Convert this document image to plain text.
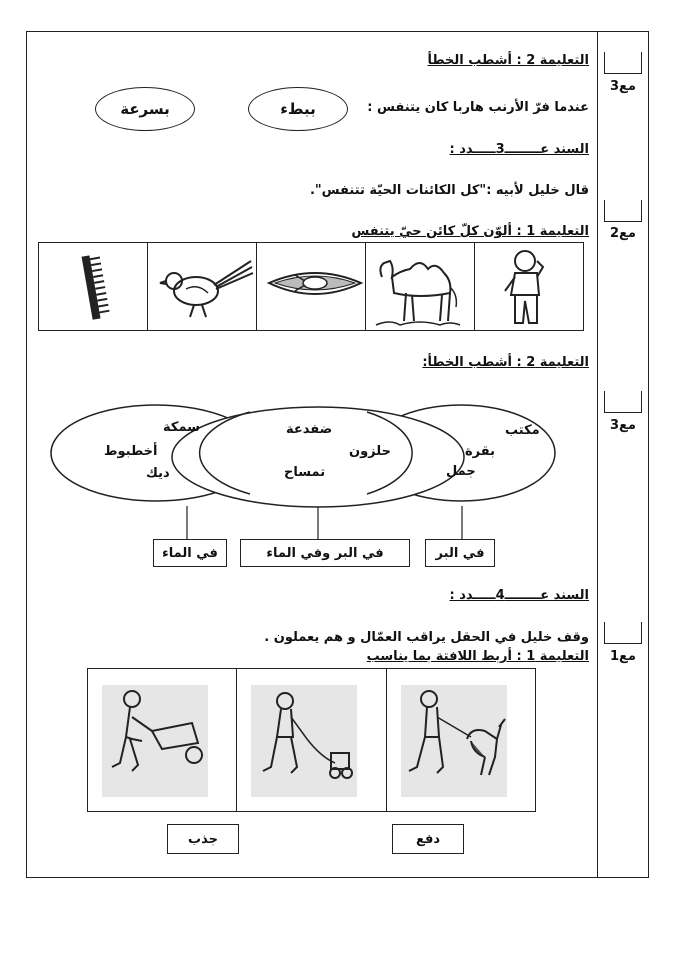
مع3
التعليمة 2 : أشطب الخطأ
عندما فرّ الأرنب هاربا كان يتنفس :
ببطء
بسرعة
السند عــــــــ3ـــــدد :
قال خليل لأبيه :"كل الكائنات الحيّة تتنفس".
مع2
التعليمة 1 : ألوّن كلّ كائن حيّ يتنفس
التعليمة 2 : أشطب الخطأ:
مع3
سمكة
أخطبوط
ديك
ضفدعة
حلزون
تمساح
مكتب
بقرة
جمل
في الماء	في البر وفي الماء	في البر
السند عــــــــ4ـــــدد :
وقف خليل في الحقل يراقب العمّال و هم يعملون .
مع1
التعليمة 1 : أربط اللافتة بما يناسب
جذب	دفع
